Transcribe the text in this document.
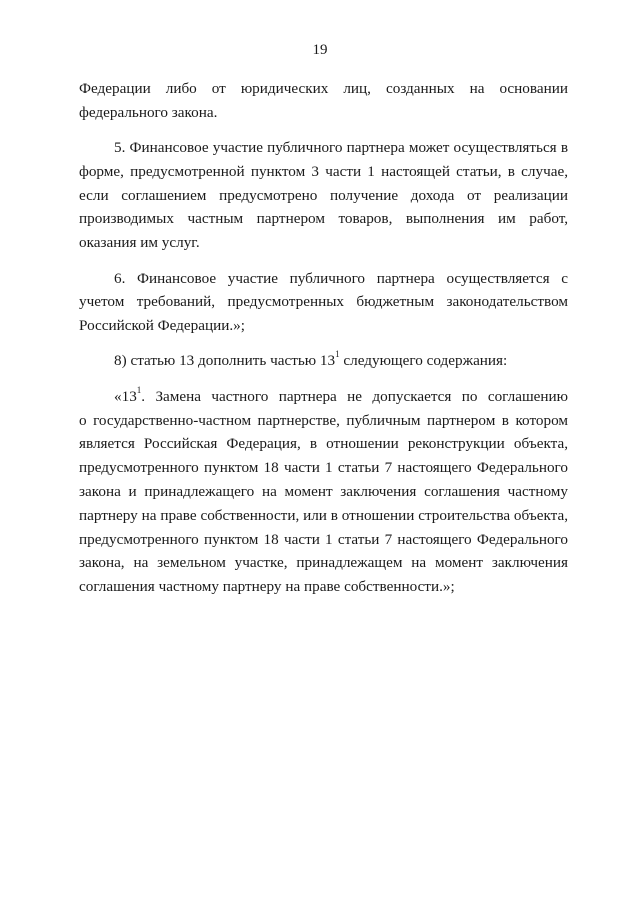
19
Федерации либо от юридических лиц, созданных на основании
федерального закона.
5. Финансовое участие публичного партнера может осуществляться в
форме, предусмотренной пунктом 3 части 1 настоящей статьи, в случае,
если соглашением предусмотрено получение дохода от реализации
производимых частным партнером товаров, выполнения им работ,
оказания им услуг.
6. Финансовое участие публичного партнера осуществляется с
учетом требований, предусмотренных бюджетным законодательством
Российской Федерации.»;
8) статью 13 дополнить частью $13^1$ следующего содержания:
«$13^1$. Замена частного партнера не допускается по соглашению
о государственно-частном партнерстве, публичным партнером в котором
является Российская Федерация, в отношении реконструкции объекта,
предусмотренного пунктом 18 части 1 статьи 7 настоящего Федерального
закона и принадлежащего на момент заключения соглашения частному
партнеру на праве собственности, или в отношении строительства объекта,
предусмотренного пунктом 18 части 1 статьи 7 настоящего Федерального
закона, на земельном участке, принадлежащем на момент заключения
соглашения частному партнеру на праве собственности.»;
